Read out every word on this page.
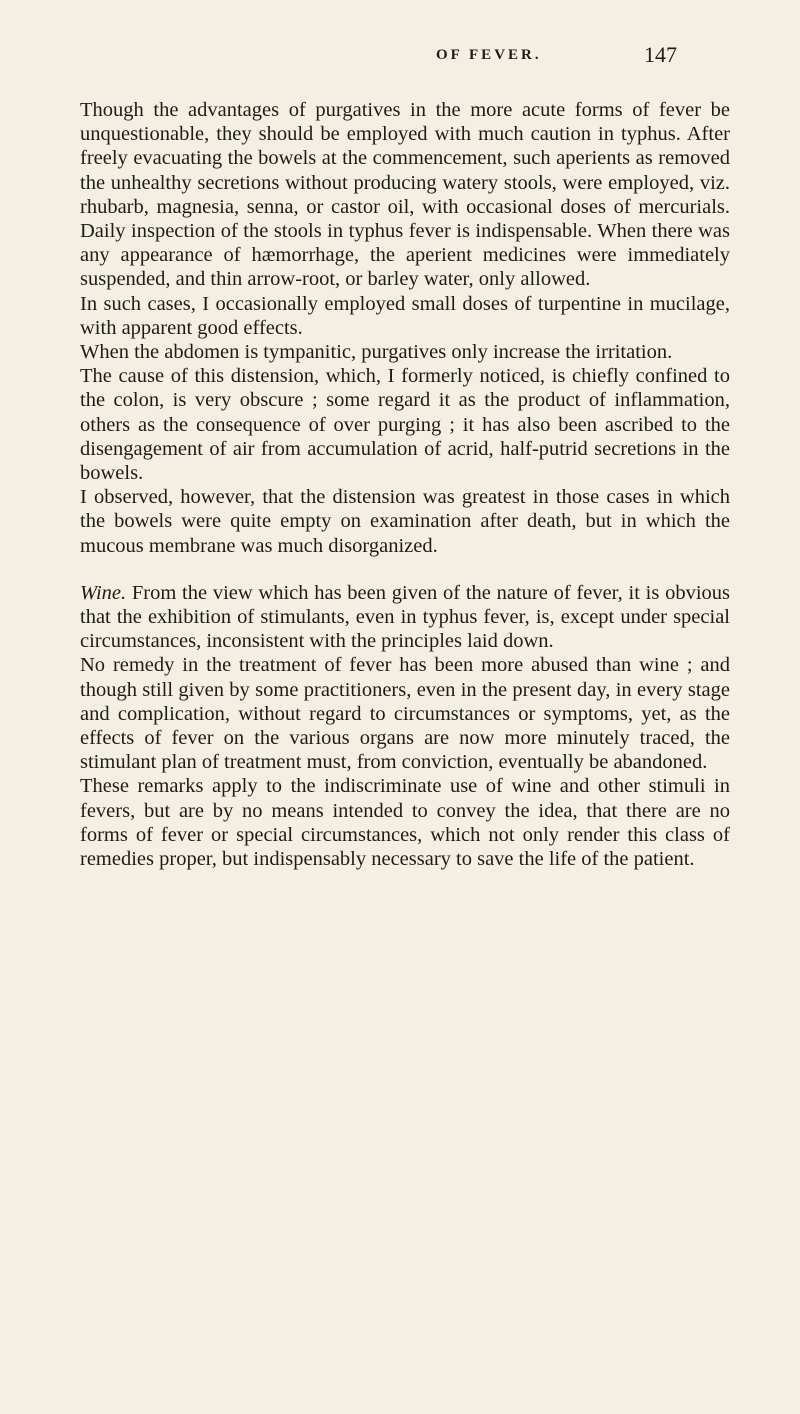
OF FEVER.	147

Though the advantages of purgatives in the more acute forms of fever be unquestionable, they should be employed with much caution in typhus. After freely evacuating the bowels at the commencement, such aperients as removed the unhealthy secretions without producing watery stools, were employed, viz. rhubarb, magnesia, senna, or castor oil, with occasional doses of mercurials. Daily inspection of the stools in typhus fever is indispensable. When there was any appearance of hæmorrhage, the aperient medicines were immediately suspended, and thin arrow-root, or barley water, only allowed.

In such cases, I occasionally employed small doses of turpentine in mucilage, with apparent good effects.

When the abdomen is tympanitic, purgatives only increase the irritation.

The cause of this distension, which, I formerly noticed, is chiefly confined to the colon, is very obscure ; some regard it as the product of inflammation, others as the consequence of over purging ; it has also been ascribed to the disengagement of air from accumulation of acrid, half-putrid secretions in the bowels.

I observed, however, that the distension was greatest in those cases in which the bowels were quite empty on examination after death, but in which the mucous membrane was much disorganized.

Wine. From the view which has been given of the nature of fever, it is obvious that the exhibition of stimulants, even in typhus fever, is, except under special circumstances, inconsistent with the principles laid down.

No remedy in the treatment of fever has been more abused than wine ; and though still given by some practitioners, even in the present day, in every stage and complication, without regard to circumstances or symptoms, yet, as the effects of fever on the various organs are now more minutely traced, the stimulant plan of treatment must, from conviction, eventually be abandoned.

These remarks apply to the indiscriminate use of wine and other stimuli in fevers, but are by no means intended to convey the idea, that there are no forms of fever or special circumstances, which not only render this class of remedies proper, but indispensably necessary to save the life of the patient.
